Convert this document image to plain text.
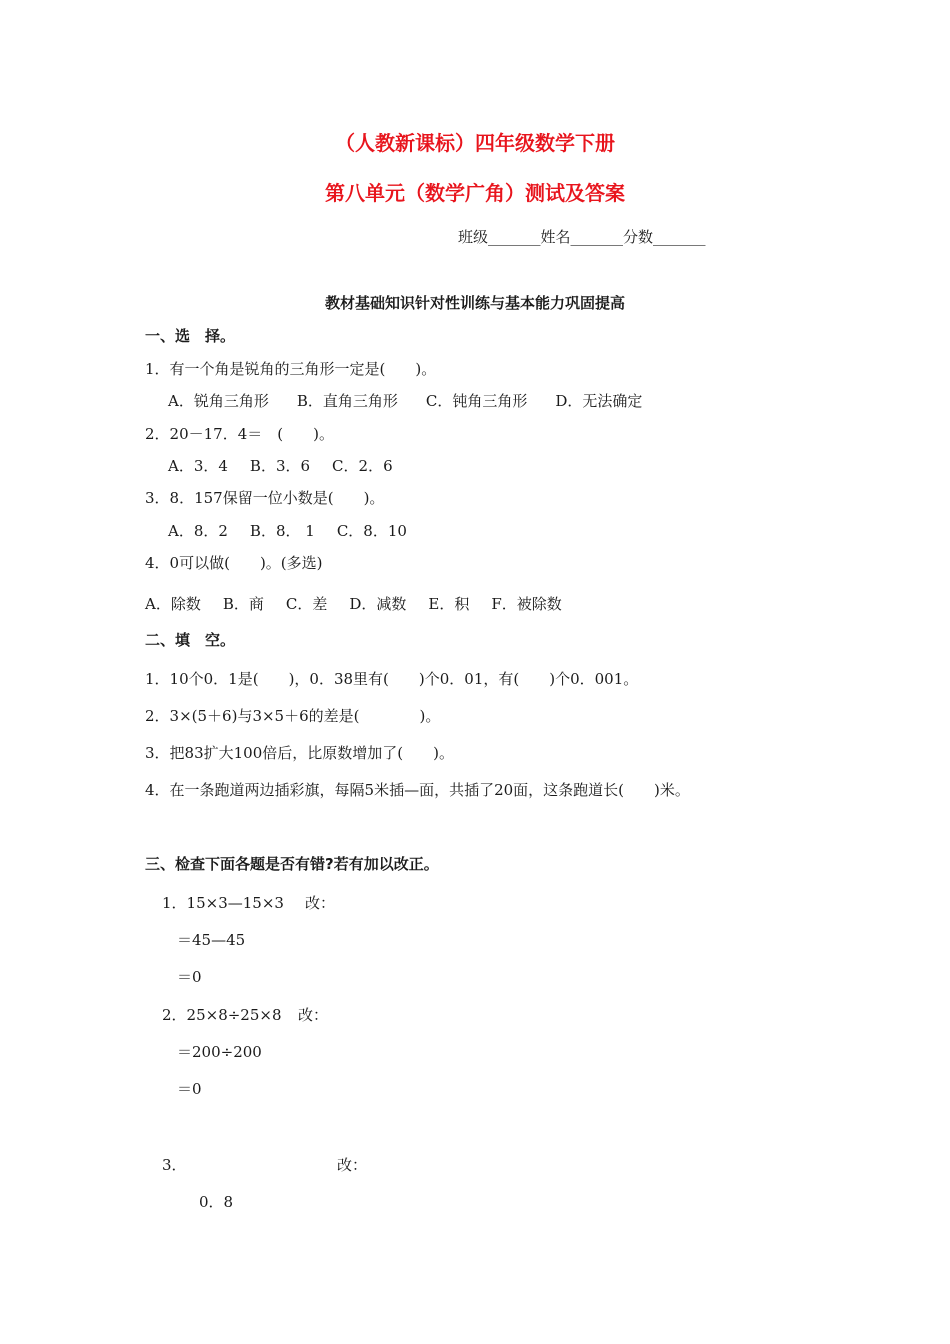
（人教新课标）四年级数学下册
第八单元（数学广角）测试及答案
班级_______姓名_______分数_______
教材基础知识针对性训练与基本能力巩固提高
一、选　择。
1．有一个角是锐角的三角形一定是(　　)。
A．锐角三角形 B．直角三角形 C．钝角三角形 D．无法确定
2．20－17．4＝　(　　)。
A．3．4 B．3．6 C．2．6
3．8．157保留一位小数是(　　)。
A．8．2 B．8． 1 C．8．10
4．0可以做(　　)。(多选)
A．除数 B．商 C．差 D．减数 E．积 F．被除数
二、填　空。
1．10个0．1是(　　)，0．38里有(　　)个0．01，有(　　)个0．001。
2．3×(5＋6)与3×5＋6的差是(　　　　)。
3．把83扩大100倍后，比原数增加了(　　)。
4．在一条跑道两边插彩旗，每隔5米插—面，共插了20面，这条跑道长(　　)米。
三、检查下面各题是否有错?若有加以改正。
1．15×3—15×3 改：
＝45—45
＝0
2．25×8÷25×8 改：
＝200÷200
＝0
3．	改：
0．8
